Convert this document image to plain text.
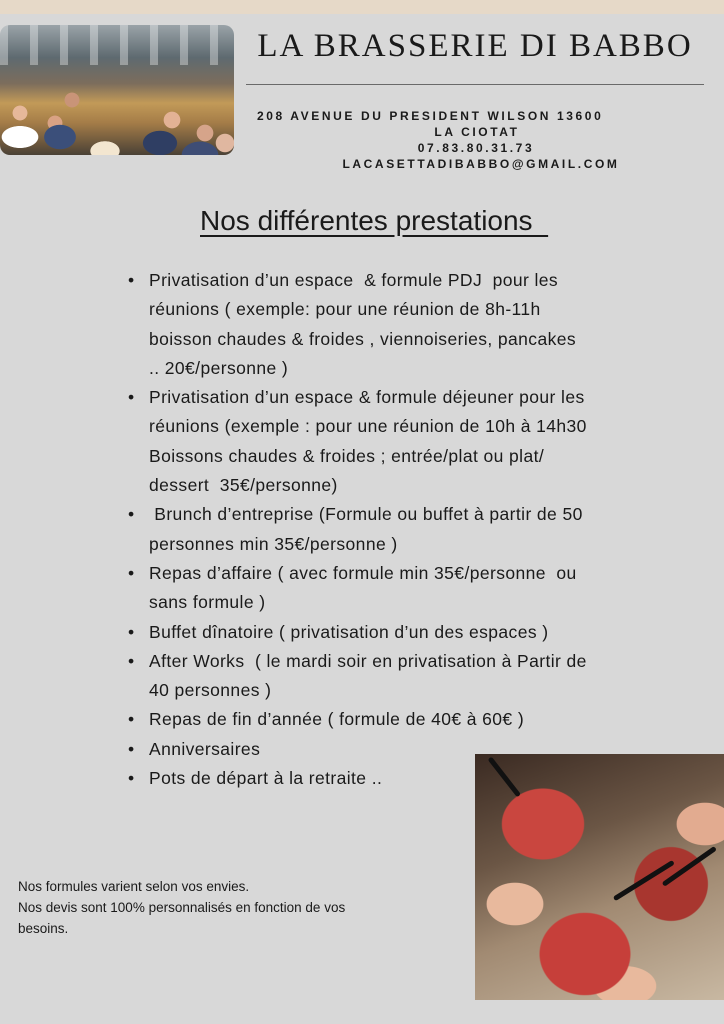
LA BRASSERIE DI BABBO
208 AVENUE DU PRESIDENT WILSON 13600
LA CIOTAT
07.83.80.31.73
LACASETTADIBABBO@GMAIL.COM
Nos différentes prestations
• Privatisation d’un espace  & formule PDJ  pour les
réunions ( exemple: pour une réunion de 8h-11h
boisson chaudes & froides , viennoiseries, pancakes
.. 20€/personne )
• Privatisation d’un espace & formule déjeuner pour les
réunions (exemple : pour une réunion de 10h à 14h30
Boissons chaudes & froides ; entrée/plat ou plat/
dessert  35€/personne)
• Brunch d’entreprise (Formule ou buffet à partir de 50
personnes min 35€/personne )
• Repas d’affaire ( avec formule min 35€/personne  ou
sans formule )
• Buffet dînatoire ( privatisation d’un des espaces )
• After Works  ( le mardi soir en privatisation à Partir de
40 personnes )
• Repas de fin d’année ( formule de 40€ à 60€ )
• Anniversaires
• Pots de départ à la retraite ..

Nos formules varient selon vos envies.

Nos devis sont 100% personnalisés en fonction de vos

besoins.
